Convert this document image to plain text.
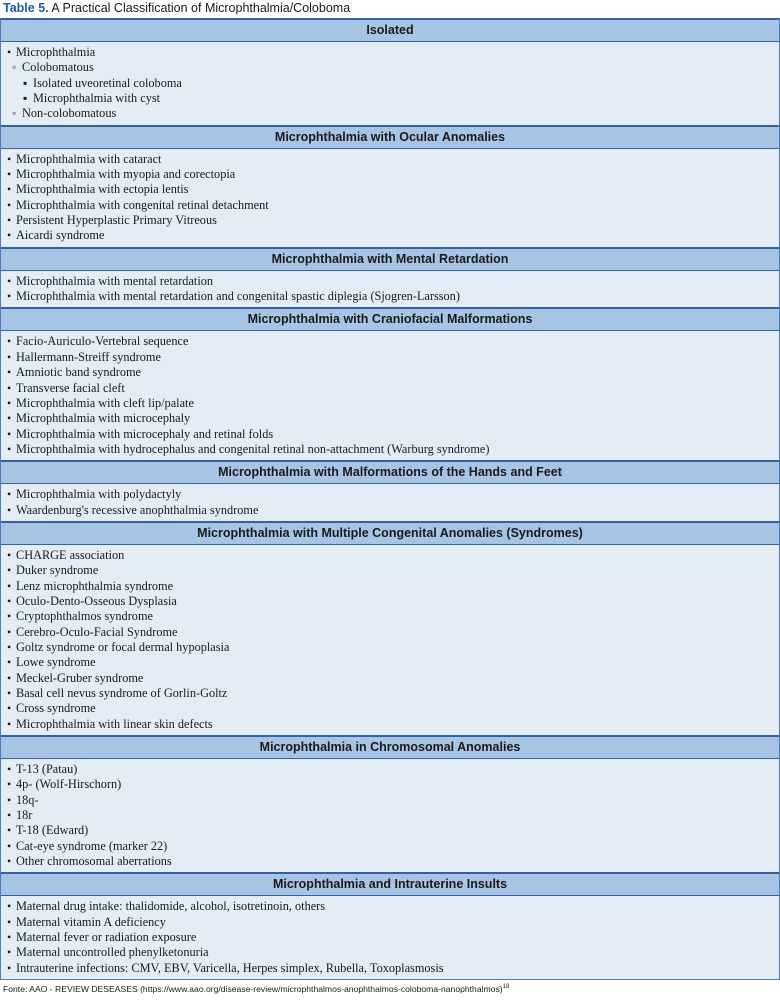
Table 5. A Practical Classification of Microphthalmia/Coloboma
Isolated
•
Microphthalmia
◦
Colobomatous
▪
Isolated uveoretinal coloboma
▪
Microphthalmia with cyst
◦
Non-colobomatous
Microphthalmia with Ocular Anomalies
•
Microphthalmia with cataract
•
Microphthalmia with myopia and corectopia
•
Microphthalmia with ectopia lentis
•
Microphthalmia with congenital retinal detachment
•
Persistent Hyperplastic Primary Vitreous
•
Aicardi syndrome
Microphthalmia with Mental Retardation
•
Microphthalmia with mental retardation
•
Microphthalmia with mental retardation and congenital spastic diplegia (Sjogren-Larsson)
Microphthalmia with Craniofacial Malformations
•
Facio-Auriculo-Vertebral sequence
•
Hallermann-Streiff syndrome
•
Amniotic band syndrome
•
Transverse facial cleft
•
Microphthalmia with cleft lip/palate
•
Microphthalmia with microcephaly
•
Microphthalmia with microcephaly and retinal folds
•
Microphthalmia with hydrocephalus and congenital retinal non-attachment (Warburg syndrome)
Microphthalmia with Malformations of the Hands and Feet
•
Microphthalmia with polydactyly
•
Waardenburg's recessive anophthalmia syndrome
Microphthalmia with Multiple Congenital Anomalies (Syndromes)
•
CHARGE association
•
Duker syndrome
•
Lenz microphthalmia syndrome
•
Oculo-Dento-Osseous Dysplasia
•
Cryptophthalmos syndrome
•
Cerebro-Oculo-Facial Syndrome
•
Goltz syndrome or focal dermal hypoplasia
•
Lowe syndrome
•
Meckel-Gruber syndrome
•
Basal cell nevus syndrome of Gorlin-Goltz
•
Cross syndrome
•
Microphthalmia with linear skin defects
Microphthalmia in Chromosomal Anomalies
•
T-13 (Patau)
•
4p- (Wolf-Hirschorn)
•
18q-
•
18r
•
T-18 (Edward)
•
Cat-eye syndrome (marker 22)
•
Other chromosomal aberrations
Microphthalmia and Intrauterine Insults
•
Maternal drug intake: thalidomide, alcohol, isotretinoin, others
•
Maternal vitamin A deficiency
•
Maternal fever or radiation exposure
•
Maternal uncontrolled phenylketonuria
•
Intrauterine infections: CMV, EBV, Varicella, Herpes simplex, Rubella, Toxoplasmosis
Fonte: AAO - REVIEW DESEASES (https://www.aao.org/disease-review/microphthalmos-anophthalmos-coloboma-nanophthalmos)$^{18}$
